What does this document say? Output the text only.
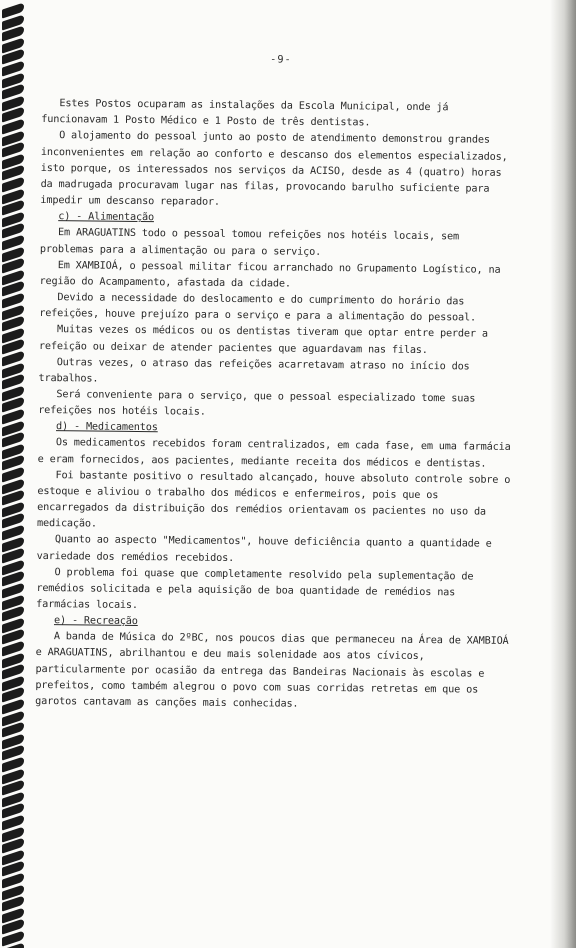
-9-

Estes Postos ocuparam as instalações da Escola Municipal, onde já funcionavam 1 Posto Médico e 1 Posto de três dentistas.

O alojamento do pessoal junto ao posto de atendimento demonstrou grandes inconvenientes em relação ao conforto e descanso dos elementos especializados, isto porque, os interessados nos serviços da ACISO, desde as 4 (quatro) horas da madrugada procuravam lugar nas filas, provocando barulho suficiente para impedir um descanso reparador.

c) - Alimentação

Em ARAGUATINS todo o pessoal tomou refeições nos hotéis locais, sem problemas para a alimentação ou para o serviço.

Em XAMBIOÁ, o pessoal militar ficou arranchado no Grupamento Logístico, na região do Acampamento, afastada da cidade.

Devido a necessidade do deslocamento e do cumprimento do horário das refeições, houve prejuízo para o serviço e para a alimentação do pessoal.

Muitas vezes os médicos ou os dentistas tiveram que optar entre perder a refeição ou deixar de atender pacientes que aguardavam nas filas.

Outras vezes, o atraso das refeições acarretavam atraso no início dos trabalhos.

Será conveniente para o serviço, que o pessoal especializado tome suas refeições nos hotéis locais.

d) - Medicamentos

Os medicamentos recebidos foram centralizados, em cada fase, em uma farmácia e eram fornecidos, aos pacientes, mediante receita dos médicos e dentistas.

Foi bastante positivo o resultado alcançado, houve absoluto controle sobre o estoque e aliviou o trabalho dos médicos e enfermeiros, pois que os encarregados da distribuição dos remédios orientavam os pacientes no uso da medicação.

Quanto ao aspecto "Medicamentos", houve deficiência quanto a quantidade e variedade dos remédios recebidos.

O problema foi quase que completamente resolvido pela suplementação de remédios solicitada e pela aquisição de boa quantidade de remédios nas farmácias locais.

e) - Recreação

A banda de Música do 2ºBC, nos poucos dias que permaneceu na Área de XAMBIOÁ e ARAGUATINS, abrilhantou e deu mais solenidade aos atos cívicos, particularmente por ocasião da entrega das Bandeiras Nacionais às escolas e prefeitos, como também alegrou o povo com suas corridas retretas em que os garotos cantavam as canções mais conhecidas.
